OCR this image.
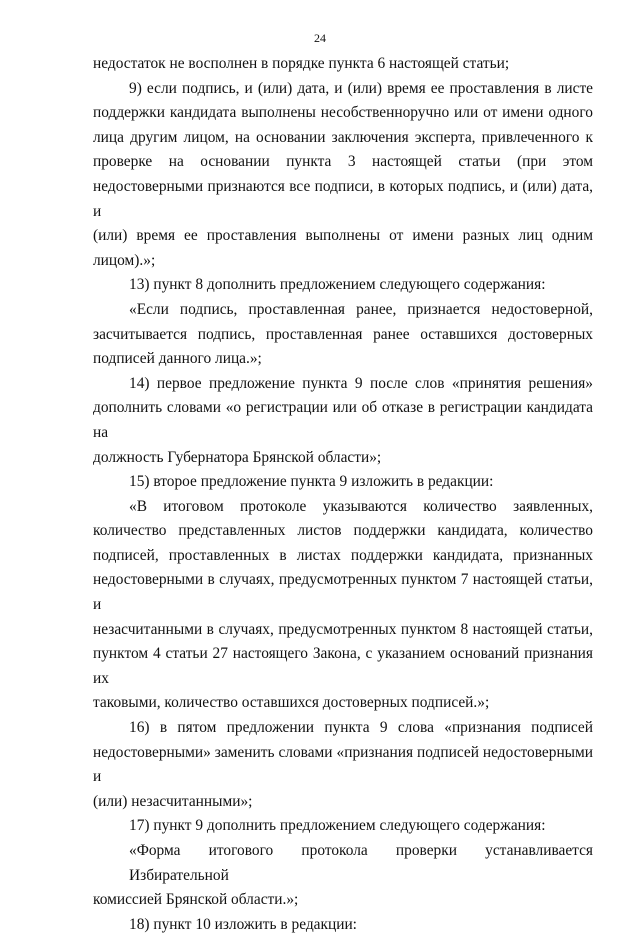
24
недостаток не восполнен в порядке пункта 6 настоящей статьи;
9) если подпись, и (или) дата, и (или) время ее проставления в листе
поддержки кандидата выполнены несобственноручно или от имени одного
лица другим лицом, на основании заключения эксперта, привлеченного к
проверке на основании пункта 3 настоящей статьи (при этом
недостоверными признаются все подписи, в которых подпись, и (или) дата, и
(или) время ее проставления выполнены от имени разных лиц одним
лицом).»;
13) пункт 8 дополнить предложением следующего содержания:
«Если подпись, проставленная ранее, признается недостоверной,
засчитывается подпись, проставленная ранее оставшихся достоверных
подписей данного лица.»;
14) первое предложение пункта 9 после слов «принятия решения»
дополнить словами «о регистрации или об отказе в регистрации кандидата на
должность Губернатора Брянской области»;
15) второе предложение пункта 9 изложить в редакции:
«В итоговом протоколе указываются количество заявленных,
количество представленных листов поддержки кандидата, количество
подписей, проставленных в листах поддержки кандидата, признанных
недостоверными в случаях, предусмотренных пунктом 7 настоящей статьи, и
незасчитанными в случаях, предусмотренных пунктом 8 настоящей статьи,
пунктом 4 статьи 27 настоящего Закона, с указанием оснований признания их
таковыми, количество оставшихся достоверных подписей.»;
16) в пятом предложении пункта 9 слова «признания подписей
недостоверными» заменить словами «признания подписей недостоверными и
(или) незасчитанными»;
17) пункт 9 дополнить предложением следующего содержания:
«Форма итогового протокола проверки устанавливается Избирательной
комиссией Брянской области.»;
18) пункт 10 изложить в редакции:
